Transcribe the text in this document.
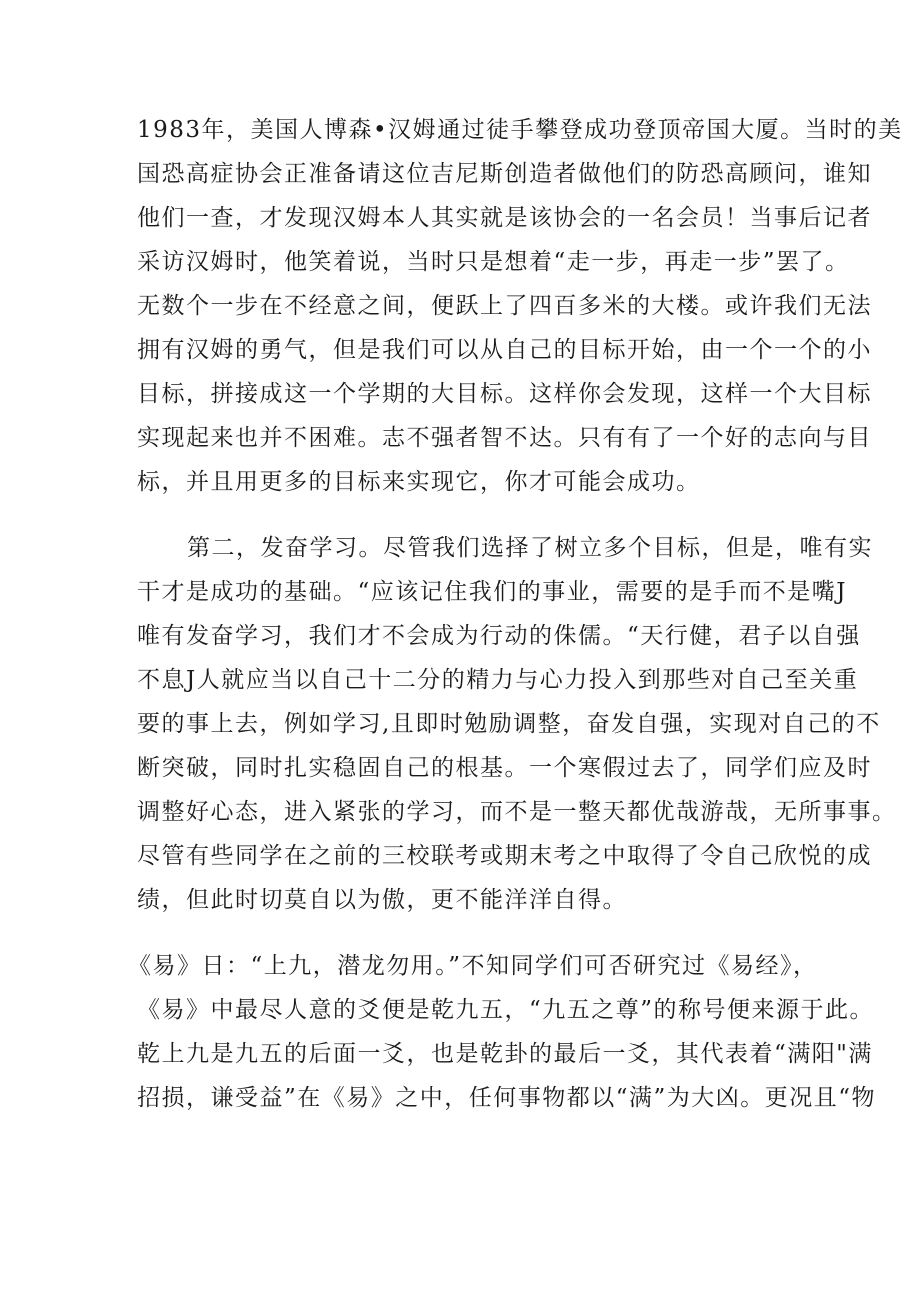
1983年，美国人博森•汉姆通过徒手攀登成功登顶帝国大厦。当时的美
国恐高症协会正准备请这位吉尼斯创造者做他们的防恐高顾问，谁知
他们一查，才发现汉姆本人其实就是该协会的一名会员！当事后记者
采访汉姆时，他笑着说，当时只是想着“走一步，再走一步”罢了。
无数个一步在不经意之间，便跃上了四百多米的大楼。或许我们无法
拥有汉姆的勇气，但是我们可以从自己的目标开始，由一个一个的小
目标，拼接成这一个学期的大目标。这样你会发现，这样一个大目标
实现起来也并不困难。志不强者智不达。只有有了一个好的志向与目
标，并且用更多的目标来实现它，你才可能会成功。
第二，发奋学习。尽管我们选择了树立多个目标，但是，唯有实
干才是成功的基础。“应该记住我们的事业，需要的是手而不是嘴J
唯有发奋学习，我们才不会成为行动的侏儒。“天行健，君子以自强
不息J人就应当以自己十二分的精力与心力投入到那些对自己至关重
要的事上去，例如学习,且即时勉励调整，奋发自强，实现对自己的不
断突破，同时扎实稳固自己的根基。一个寒假过去了，同学们应及时
调整好心态，进入紧张的学习，而不是一整天都优哉游哉，无所事事。
尽管有些同学在之前的三校联考或期末考之中取得了令自己欣悦的成
绩，但此时切莫自以为傲，更不能洋洋自得。
《易》日：“上九，潜龙勿用。”不知同学们可否研究过《易经》，
《易》中最尽人意的爻便是乾九五，“九五之尊”的称号便来源于此。
乾上九是九五的后面一爻，也是乾卦的最后一爻，其代表着“满阳"满
招损，谦受益”在《易》之中，任何事物都以“满”为大凶。更况且“物
